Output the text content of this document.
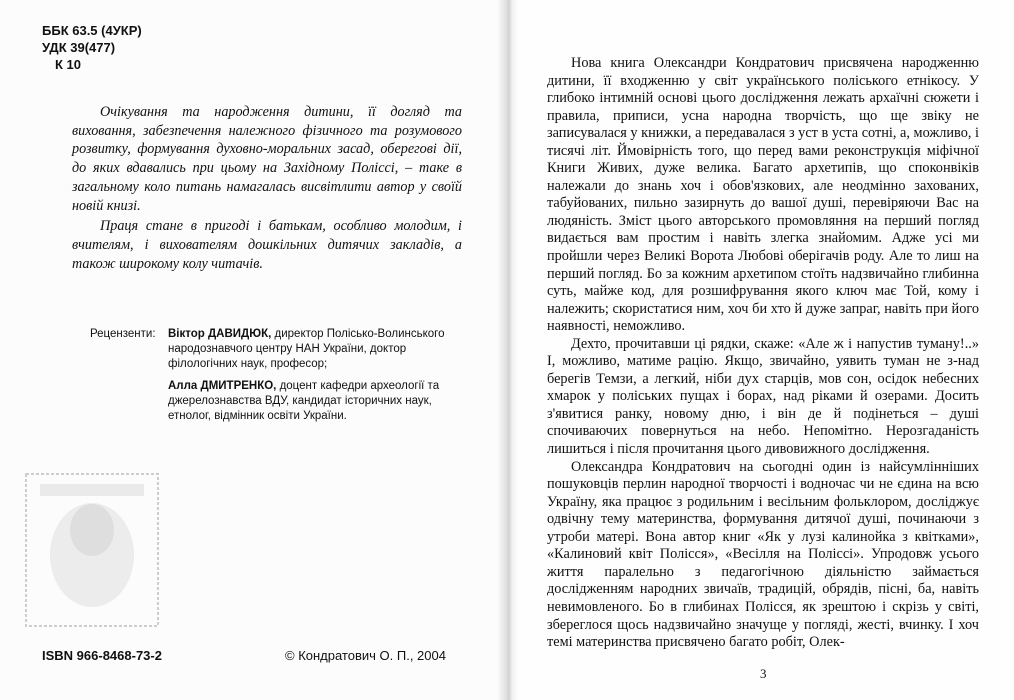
ББК 63.5 (4УКР)
УДК 39(477)
К 10

Очікування та народження дитини, її догляд та виховання, забезпечення належного фізичного та розумового розвитку, формування духовно-моральних засад, обереговi дії, до яких вдавались при цьому на Західному Поліссі, – таке в загальному коло питань намагалась висвітлити автор у своїй новій книзі.

Праця стане в пригоді і батькам, особливо молодим, і вчителям, і вихователям дошкільних дитячих закладів, а також широкому колу читачів.

Рецензенти: Віктор ДАВИДЮК, директор Полісько-Волинського народознавчого центру НАН України, доктор філологічних наук, професор;
Алла ДМИТРЕНКО, доцент кафедри археології та джерелознавства ВДУ, кандидат історичних наук, етнолог, відмінник освіти України.
ISBN 966-8468-73-2	© Кондратович О. П., 2004

Нова книга Олександри Кондратович присвячена народженню дитини, її входженню у світ українського поліського етнікосу. У глибоко інтимній основі цього дослідження лежать архаїчні сюжети і правила, приписи, усна народна творчість, що ще звіку не записувалася у книжки, а передавалася з уст в уста сотні, а, можливо, і тисячі літ. Ймовірність того, що перед вами реконструкція міфічної Книги Живих, дуже велика. Багато архетипів, що споконвіків належали до знань хоч і обов'язкових, але неодмінно захованих, табуйованих, пильно зазирнуть до вашої душі, перевіряючи Вас на людяність. Зміст цього авторського промовляння на перший погляд видається вам простим і навіть злегка знайомим. Адже усі ми пройшли через Великі Ворота Любові оберігачів роду. Але то лиш на перший погляд. Бо за кожним архетипом стоїть надзвичайно глибинна суть, майже код, для розшифрування якого ключ має Той, кому і належить; скористатися ним, хоч би хто й дуже запраг, навіть при його наявності, неможливо.

Дехто, прочитавши ці рядки, скаже: «Але ж і напустив туману!..» І, можливо, матиме рацію. Якщо, звичайно, уявить туман не з-над берегів Темзи, а легкий, ніби дух старців, мов сон, осідок небесних хмарок у поліських пущах і борах, над ріками й озерами. Досить з'явитися ранку, новому дню, і він де й подінеться – душі спочиваючих повернуться на небо. Непомітно. Нерозгаданість лишиться і після прочитання цього дивовижного дослідження.

Олександра Кондратович на сьогодні один із найсумлінніших пошуковців перлин народної творчості і водночас чи не єдина на всю Україну, яка працює з родильним і весільним фольклором, досліджує одвічну тему материнства, формування дитячої душі, починаючи з утроби матері. Вона автор книг «Як у лузі калинойка з квітками», «Калиновий квіт Полісся», «Весілля на Поліссі». Упродовж усього життя паралельно з педагогічною діяльністю займається дослідженням народних звичаїв, традицій, обрядів, пісні, ба, навіть невимовленого. Бо в глибинах Полісся, як зрештою і скрізь у світі, збереглося щось надзвичайно значуще у погляді, жесті, вчинку. І хоч темі материнства присвячено багато робіт, Олек-

3
